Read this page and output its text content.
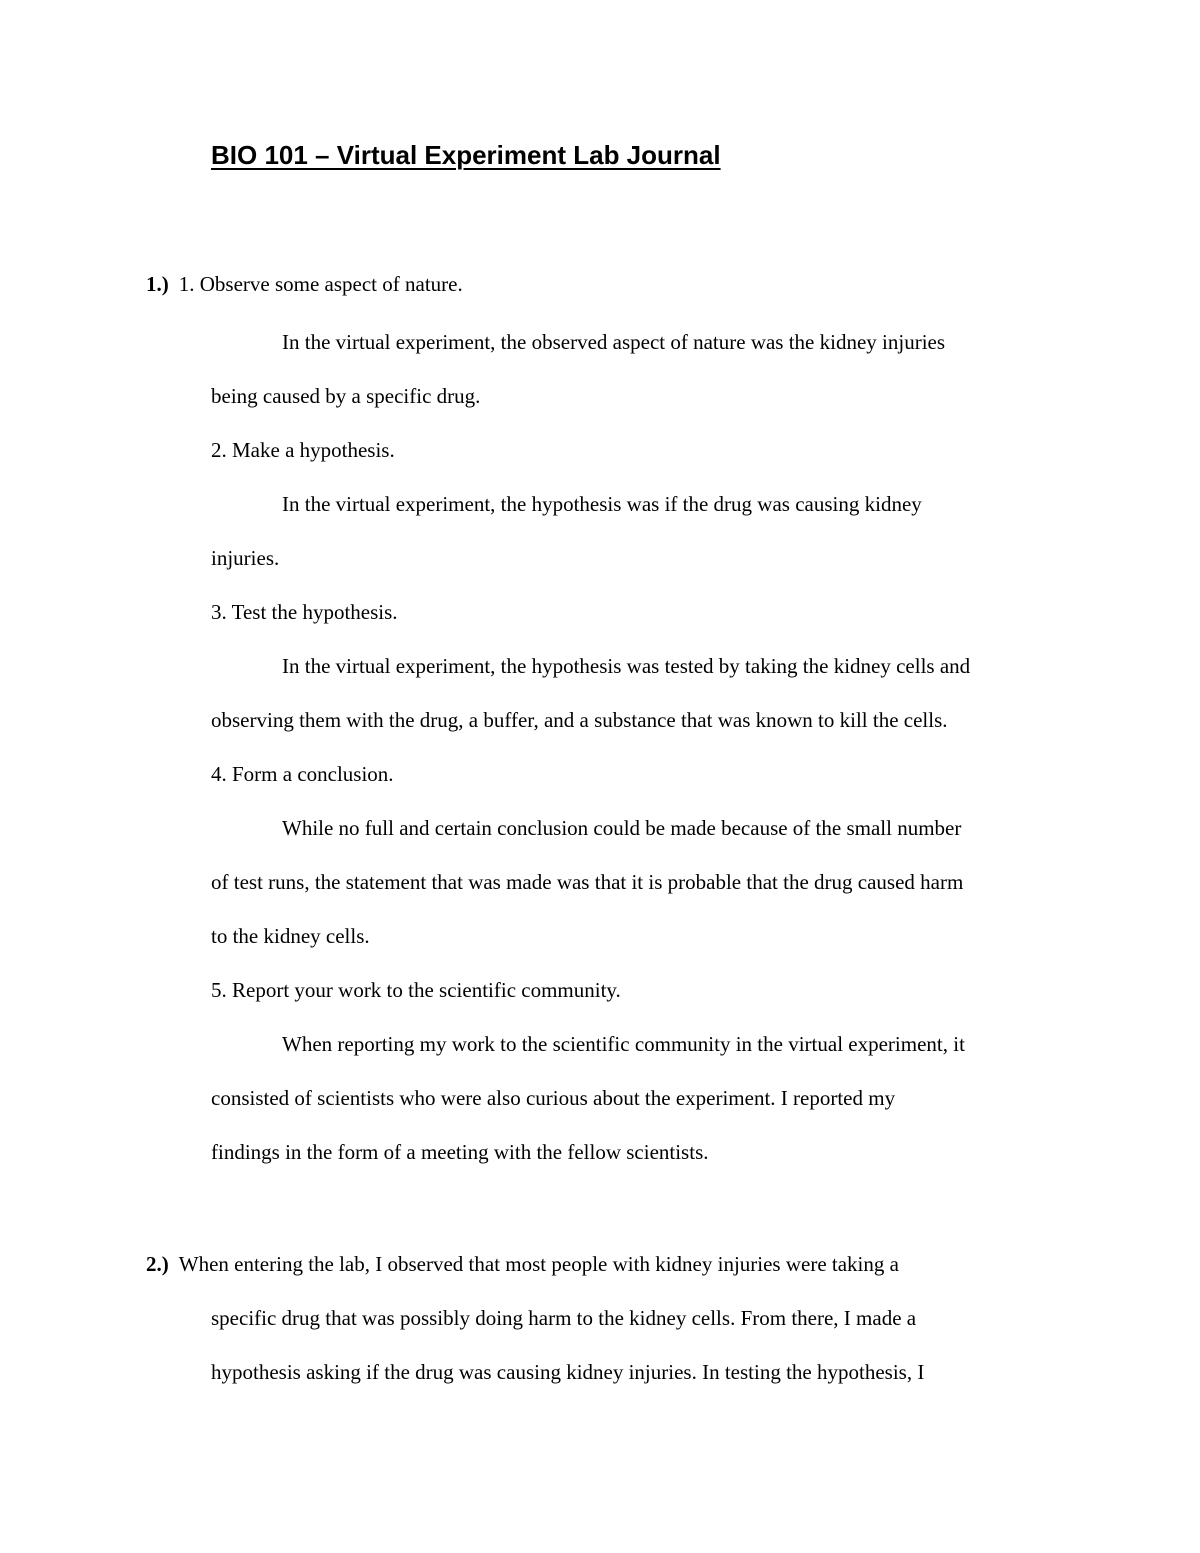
BIO 101 – Virtual Experiment Lab Journal

1.) 1. Observe some aspect of nature.

In the virtual experiment, the observed aspect of nature was the kidney injuries

being caused by a specific drug.

2. Make a hypothesis.

In the virtual experiment, the hypothesis was if the drug was causing kidney

injuries.

3. Test the hypothesis.

In the virtual experiment, the hypothesis was tested by taking the kidney cells and

observing them with the drug, a buffer, and a substance that was known to kill the cells.

4. Form a conclusion.

While no full and certain conclusion could be made because of the small number

of test runs, the statement that was made was that it is probable that the drug caused harm

to the kidney cells.

5. Report your work to the scientific community.

When reporting my work to the scientific community in the virtual experiment, it

consisted of scientists who were also curious about the experiment. I reported my

findings in the form of a meeting with the fellow scientists.

2.) When entering the lab, I observed that most people with kidney injuries were taking a

specific drug that was possibly doing harm to the kidney cells. From there, I made a

hypothesis asking if the drug was causing kidney injuries. In testing the hypothesis, I
